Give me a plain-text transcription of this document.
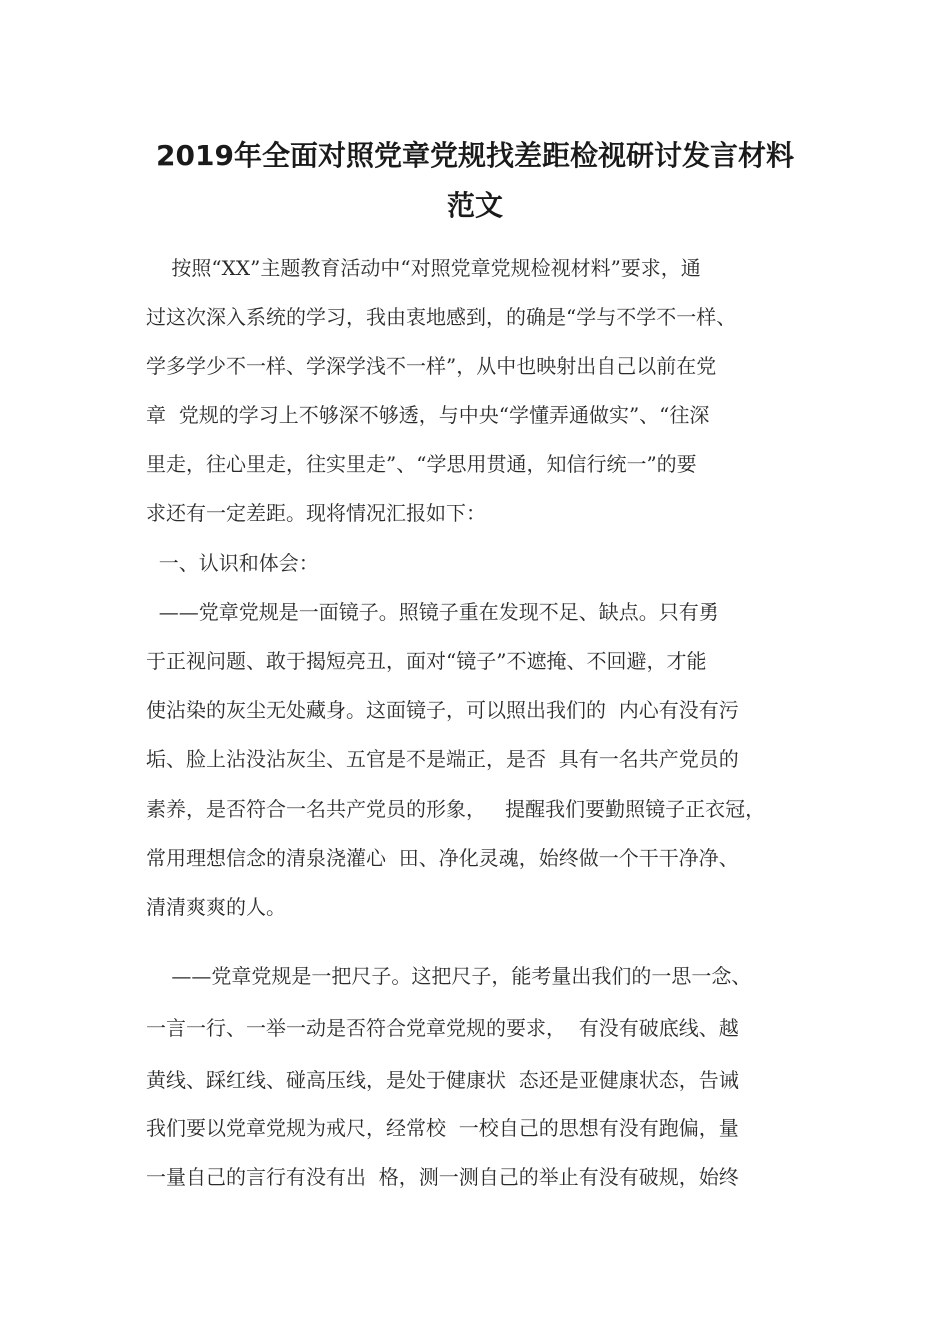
2019年全面对照党章党规找差距检视研讨发言材料
范文
按照“XX”主题教育活动中“对照党章党规检视材料”要求，通
过这次深入系统的学习，我由衷地感到，的确是“学与不学不一样、
学多学少不一样、学深学浅不一样”，从中也映射出自己以前在党
章  党规的学习上不够深不够透，与中央“学懂弄通做实”、“往深
里走，往心里走，往实里走”、“学思用贯通，知信行统一”的要
求还有一定差距。现将情况汇报如下：
一、认识和体会：
——党章党规是一面镜子。照镜子重在发现不足、缺点。只有勇
于正视问题、敢于揭短亮丑，面对“镜子”不遮掩、不回避，才能
使沾染的灰尘无处藏身。这面镜子，可以照出我们的  内心有没有污
垢、脸上沾没沾灰尘、五官是不是端正，是否  具有一名共产党员的
素养，是否符合一名共产党员的形象，   提醒我们要勤照镜子正衣冠，
常用理想信念的清泉浇灌心  田、净化灵魂，始终做一个干干净净、
清清爽爽的人。
——党章党规是一把尺子。这把尺子，能考量出我们的一思一念、
一言一行、一举一动是否符合党章党规的要求，  有没有破底线、越
黄线、踩红线、碰高压线，是处于健康状  态还是亚健康状态，告诫
我们要以党章党规为戒尺，经常校  一校自己的思想有没有跑偏，量
一量自己的言行有没有出  格，测一测自己的举止有没有破规，始终
